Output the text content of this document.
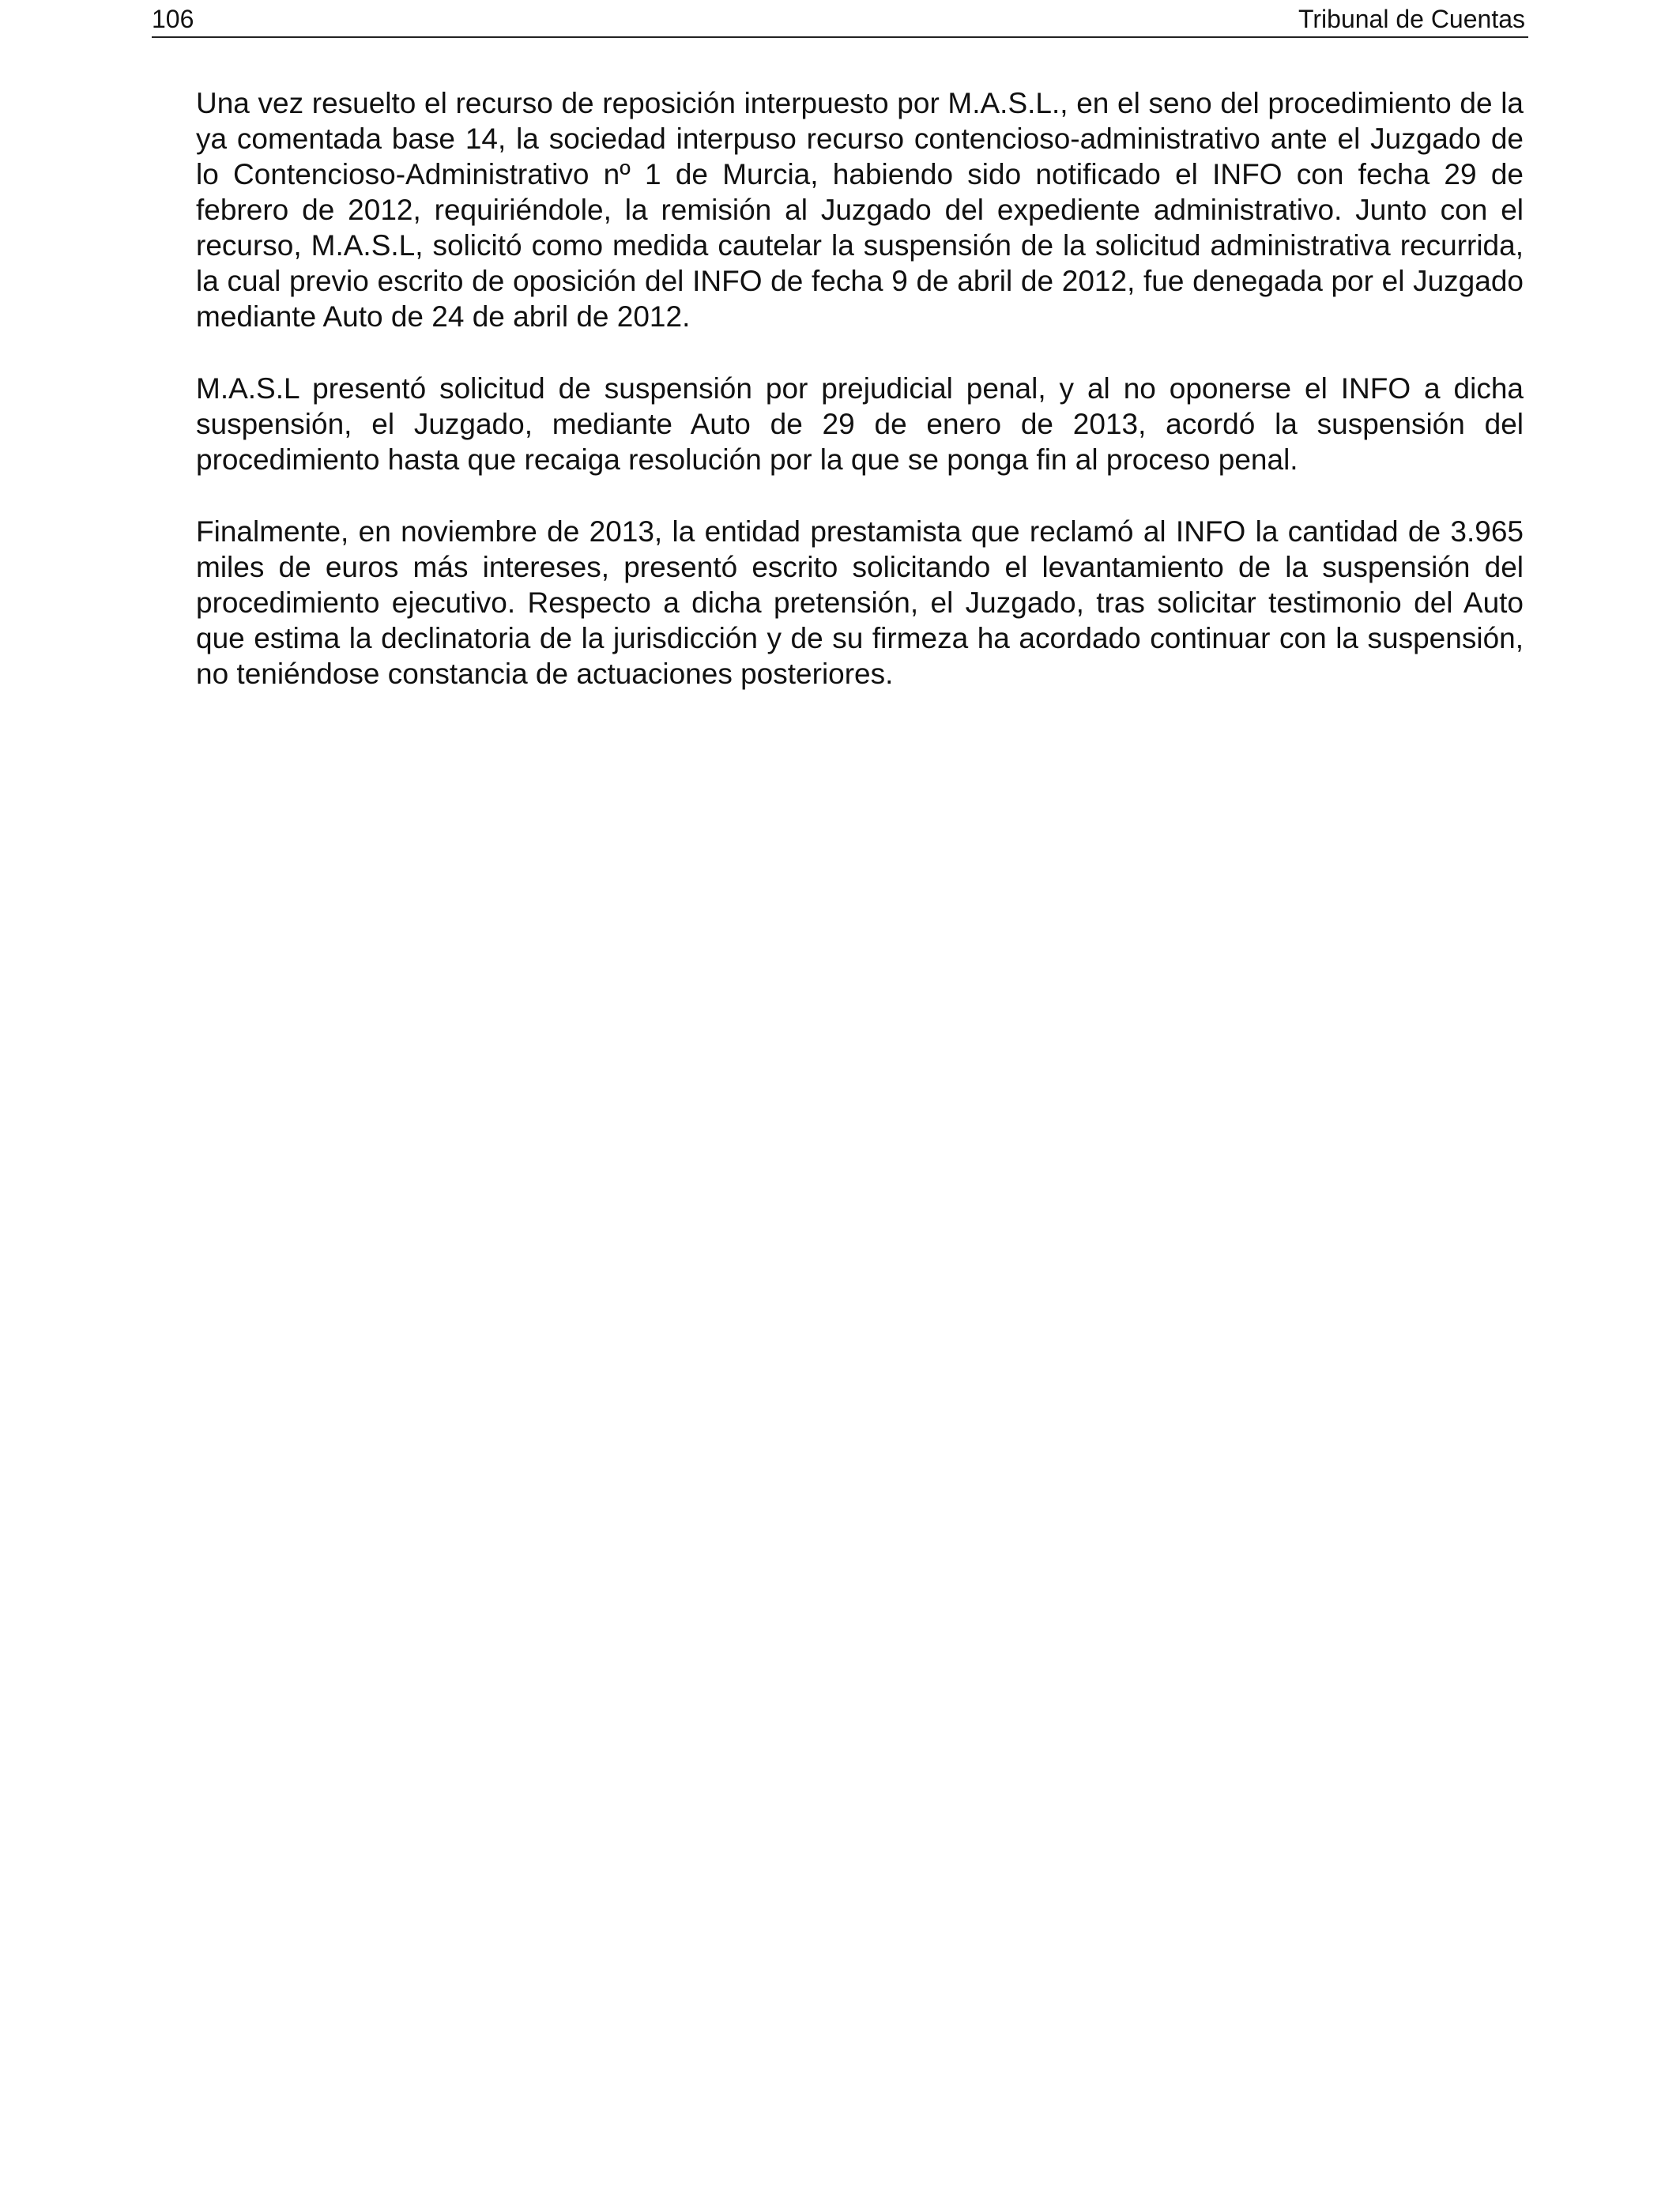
106	Tribunal de Cuentas

Una vez resuelto el recurso de reposición interpuesto por M.A.S.L., en el seno del procedimiento de la ya comentada base 14, la sociedad interpuso recurso contencioso-administrativo ante el Juzgado de lo Contencioso-Administrativo nº 1 de Murcia, habiendo sido notificado el INFO con fecha 29 de febrero de 2012, requiriéndole, la remisión al Juzgado del expediente administrativo. Junto con el recurso, M.A.S.L, solicitó como medida cautelar la suspensión de la solicitud administrativa recurrida, la cual previo escrito de oposición del INFO de fecha 9 de abril de 2012, fue denegada por el Juzgado mediante Auto de 24 de abril de 2012.

M.A.S.L presentó solicitud de suspensión por prejudicial penal, y al no oponerse el INFO a dicha suspensión, el Juzgado, mediante Auto de 29 de enero de 2013, acordó la suspensión del procedimiento hasta que recaiga resolución por la que se ponga fin al proceso penal.

Finalmente, en noviembre de 2013, la entidad prestamista que reclamó al INFO la cantidad de 3.965 miles de euros más intereses, presentó escrito solicitando el levantamiento de la suspensión del procedimiento ejecutivo. Respecto a dicha pretensión, el Juzgado, tras solicitar testimonio del Auto que estima la declinatoria de la jurisdicción y de su firmeza ha acordado continuar con la suspensión, no teniéndose constancia de actuaciones posteriores.
